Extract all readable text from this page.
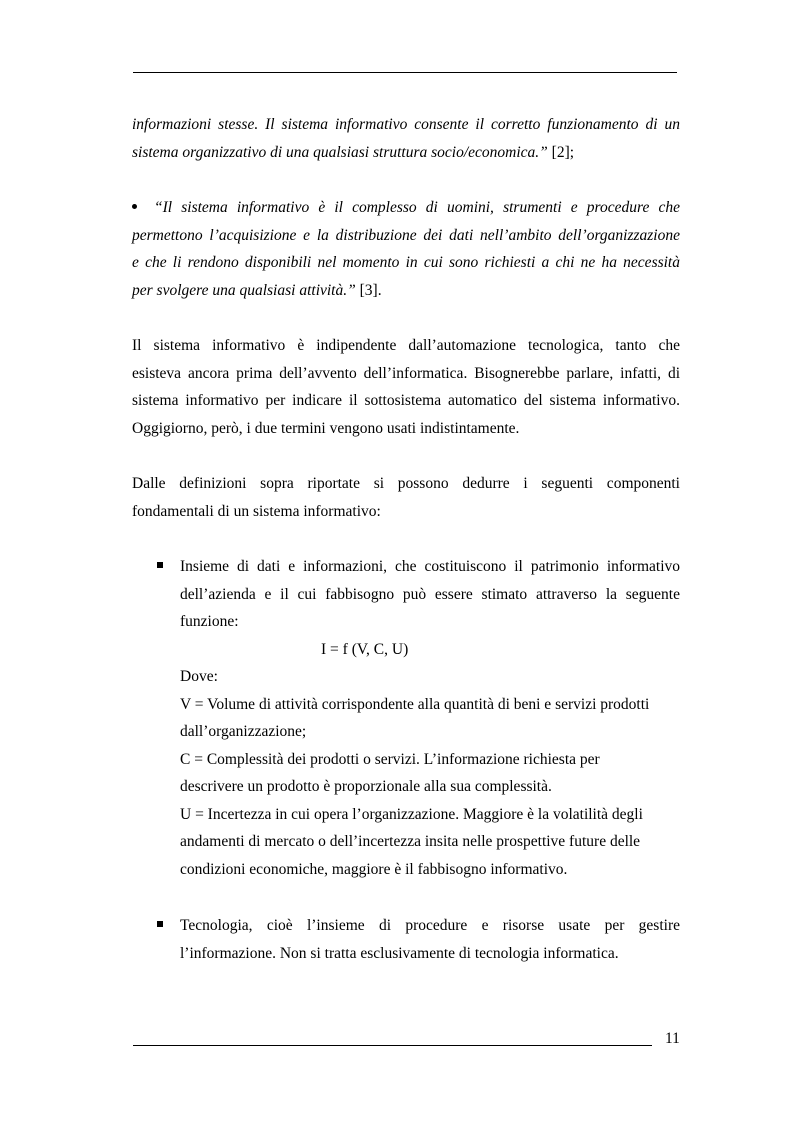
informazioni stesse. Il sistema informativo consente il corretto funzionamento di un
sistema organizzativo di una qualsiasi struttura socio/economica.” [2];
“Il sistema informativo è il complesso di uomini, strumenti e procedure che
permettono l’acquisizione e la distribuzione dei dati nell’ambito dell’organizzazione
e che li rendono disponibili nel momento in cui sono richiesti a chi ne ha necessità
per svolgere una qualsiasi attività.” [3].
Il sistema informativo è indipendente dall’automazione tecnologica, tanto che
esisteva ancora prima dell’avvento dell’informatica. Bisognerebbe parlare, infatti, di
sistema informativo per indicare il sottosistema automatico del sistema informativo.
Oggigiorno, però, i due termini vengono usati indistintamente.
Dalle definizioni sopra riportate si possono dedurre i seguenti componenti
fondamentali di un sistema informativo:
Insieme di dati e informazioni, che costituiscono il patrimonio informativo
dell’azienda e il cui fabbisogno può essere stimato attraverso la seguente
funzione:
I = f (V, C, U)
Dove:
V = Volume di attività corrispondente alla quantità di beni e servizi prodotti
dall’organizzazione;
C = Complessità dei prodotti o servizi. L’informazione richiesta per
descrivere un prodotto è proporzionale alla sua complessità.
U = Incertezza in cui opera l’organizzazione. Maggiore è la volatilità degli
andamenti di mercato o dell’incertezza insita nelle prospettive future delle
condizioni economiche, maggiore è il fabbisogno informativo.
Tecnologia, cioè l’insieme di procedure e risorse usate per gestire
l’informazione. Non si tratta esclusivamente di tecnologia informatica.
11
